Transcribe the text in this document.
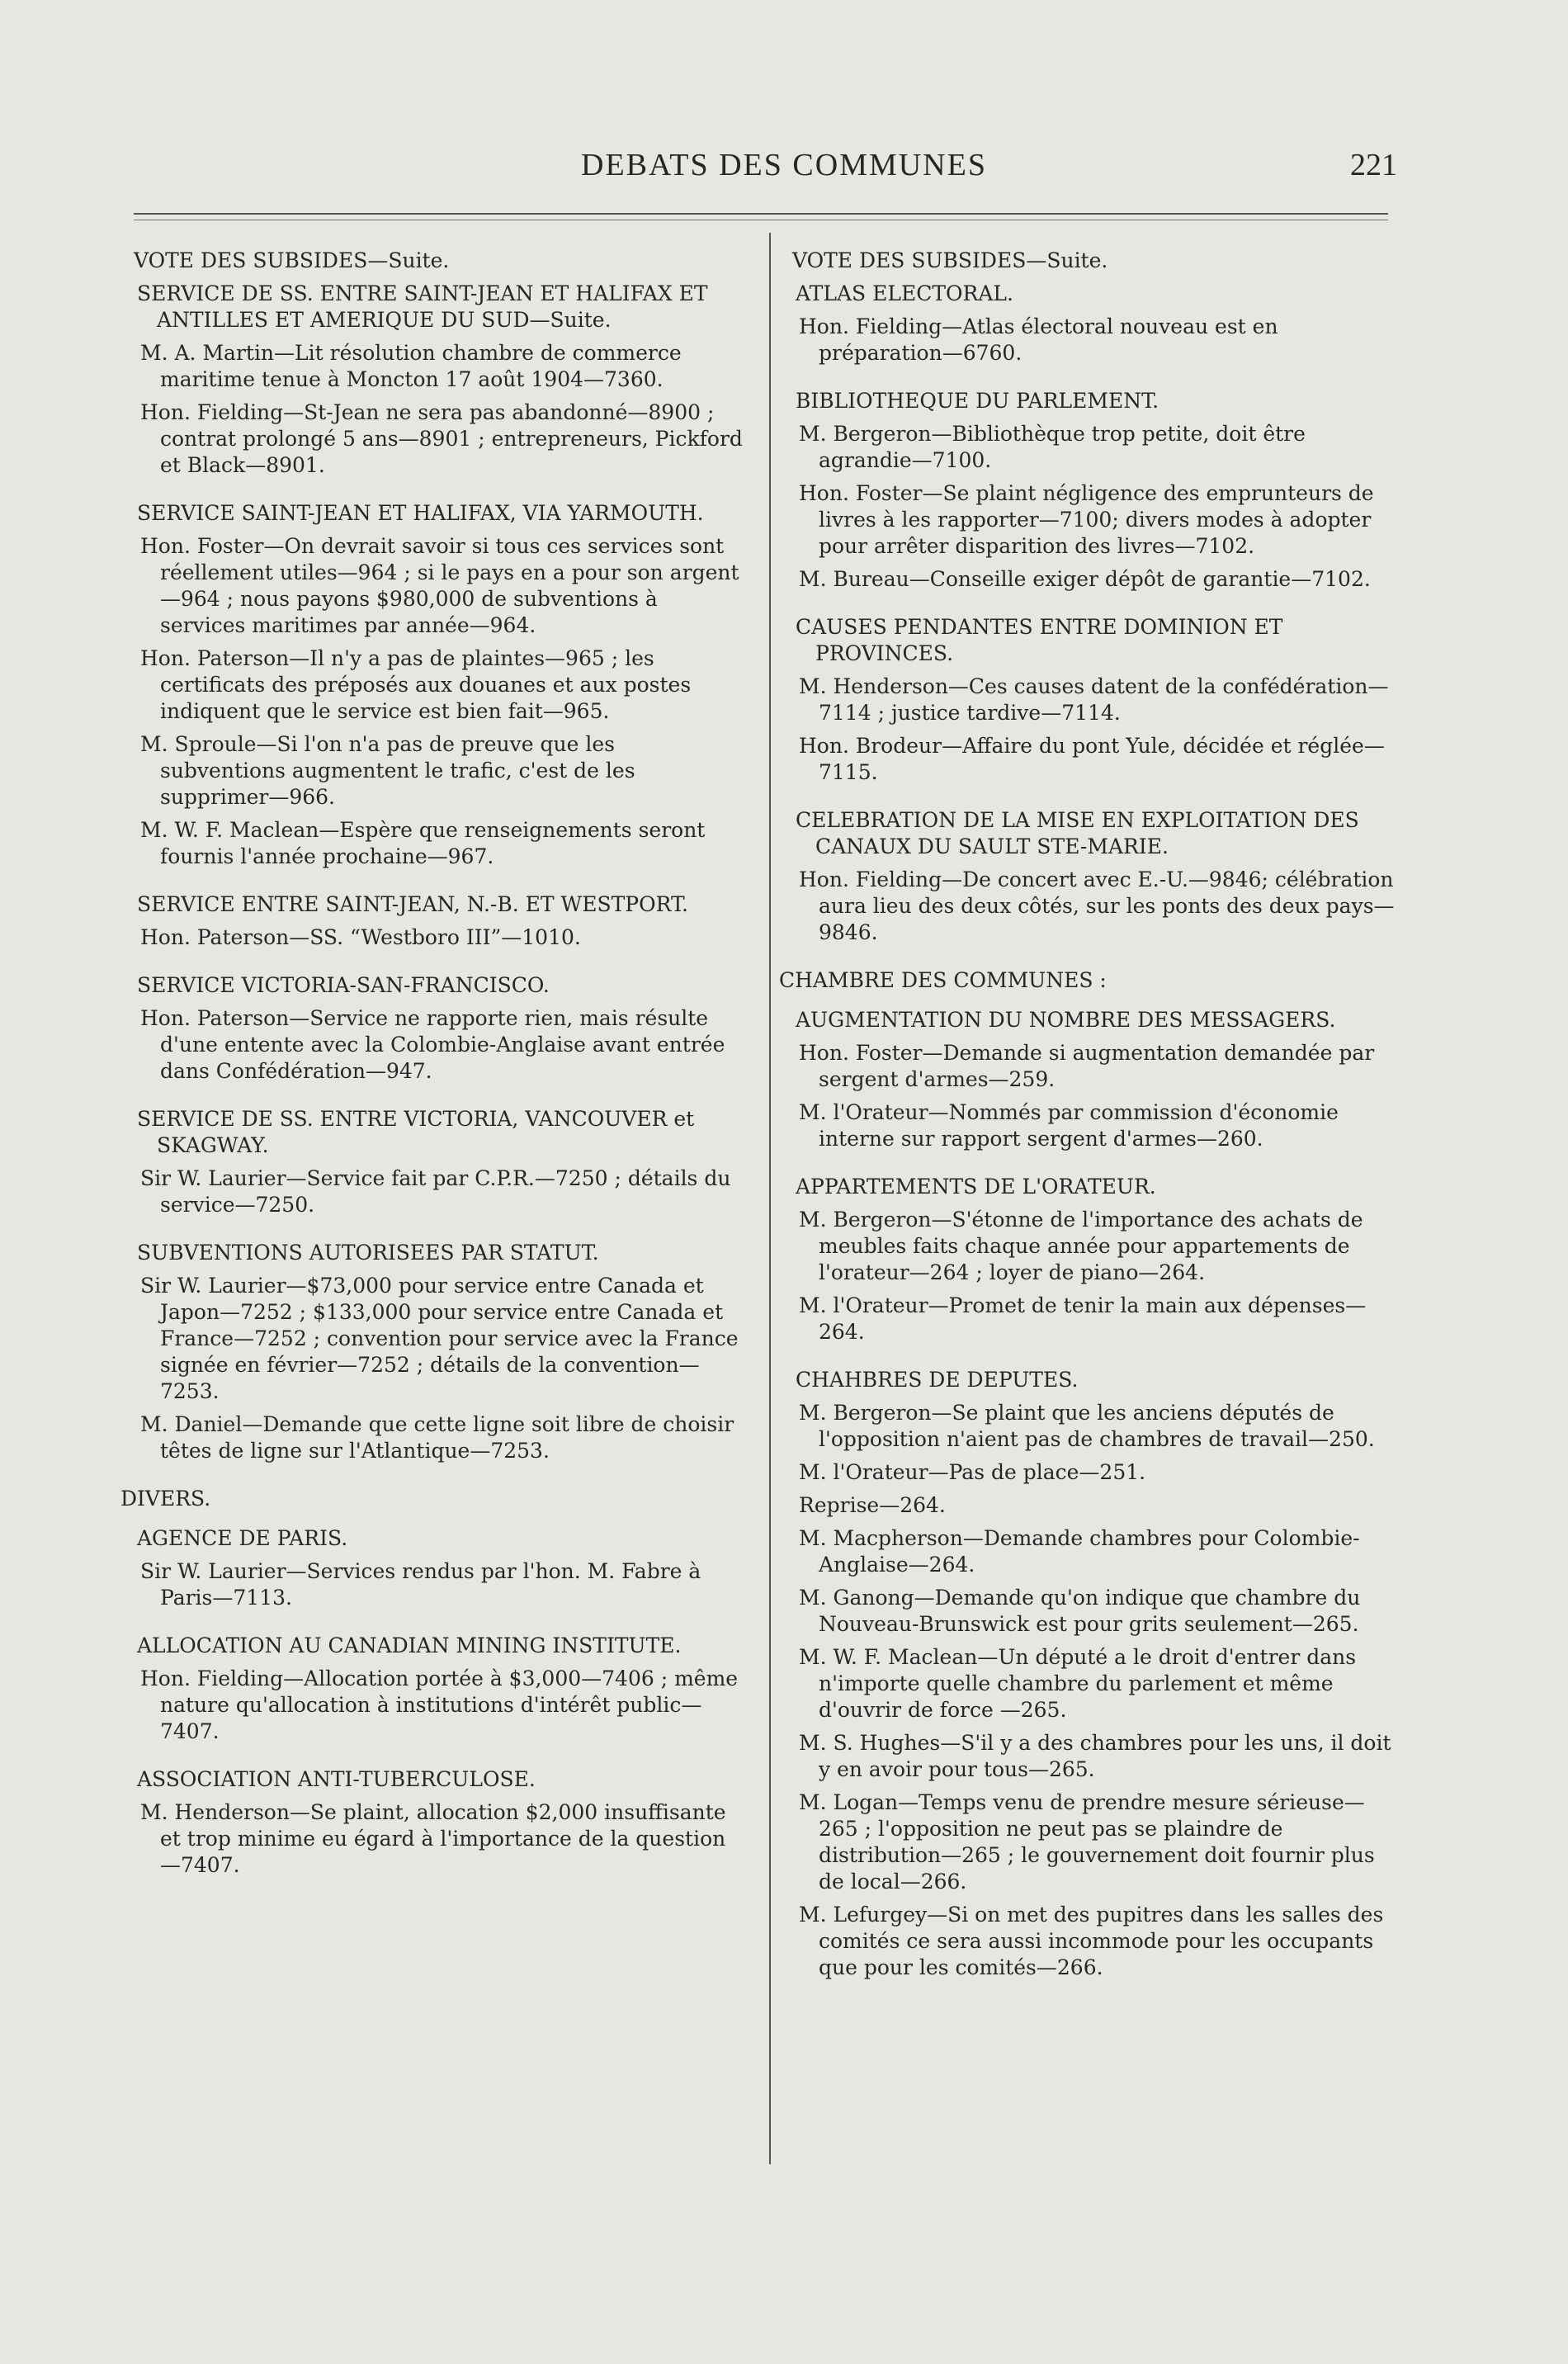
DEBATS DES COMMUNES	221

VOTE DES SUBSIDES—Suite.

SERVICE DE SS. ENTRE SAINT-JEAN ET HALIFAX ET ANTILLES ET AMERIQUE DU SUD—Suite.

M. A. Martin—Lit résolution chambre de commerce maritime tenue à Moncton 17 août 1904—7360.

Hon. Fielding—St-Jean ne sera pas abandonné—8900 ; contrat prolongé 5 ans—8901 ; entrepreneurs, Pickford et Black—8901.

SERVICE SAINT-JEAN ET HALIFAX, VIA YARMOUTH.

Hon. Foster—On devrait savoir si tous ces services sont réellement utiles—964 ; si le pays en a pour son argent—964 ; nous payons $980,000 de subventions à services maritimes par année—964.

Hon. Paterson—Il n'y a pas de plaintes—965 ; les certificats des préposés aux douanes et aux postes indiquent que le service est bien fait—965.

M. Sproule—Si l'on n'a pas de preuve que les subventions augmentent le trafic, c'est de les supprimer—966.

M. W. F. Maclean—Espère que renseignements seront fournis l'année prochaine—967.

SERVICE ENTRE SAINT-JEAN, N.-B. ET WESTPORT.

Hon. Paterson—SS. “Westboro III”—1010.

SERVICE VICTORIA-SAN-FRANCISCO.

Hon. Paterson—Service ne rapporte rien, mais résulte d'une entente avec la Colombie-Anglaise avant entrée dans Confédération—947.

SERVICE DE SS. ENTRE VICTORIA, VANCOUVER et SKAGWAY.

Sir W. Laurier—Service fait par C.P.R.—7250 ; détails du service—7250.

SUBVENTIONS AUTORISEES PAR STATUT.

Sir W. Laurier—$73,000 pour service entre Canada et Japon—7252 ; $133,000 pour service entre Canada et France—7252 ; convention pour service avec la France signée en février—7252 ; détails de la convention—7253.

M. Daniel—Demande que cette ligne soit libre de choisir têtes de ligne sur l'Atlantique—7253.

DIVERS.

AGENCE DE PARIS.

Sir W. Laurier—Services rendus par l'hon. M. Fabre à Paris—7113.

ALLOCATION AU CANADIAN MINING INSTITUTE.

Hon. Fielding—Allocation portée à $3,000—7406 ; même nature qu'allocation à institutions d'intérêt public—7407.

ASSOCIATION ANTI-TUBERCULOSE.

M. Henderson—Se plaint, allocation $2,000 insuffisante et trop minime eu égard à l'importance de la question—7407.

VOTE DES SUBSIDES—Suite.

ATLAS ELECTORAL.

Hon. Fielding—Atlas électoral nouveau est en préparation—6760.

BIBLIOTHEQUE DU PARLEMENT.

M. Bergeron—Bibliothèque trop petite, doit être agrandie—7100.

Hon. Foster—Se plaint négligence des emprunteurs de livres à les rapporter—7100; divers modes à adopter pour arrêter disparition des livres—7102.

M. Bureau—Conseille exiger dépôt de garantie—7102.

CAUSES PENDANTES ENTRE DOMINION ET PROVINCES.

M. Henderson—Ces causes datent de la confédération—7114 ; justice tardive—7114.

Hon. Brodeur—Affaire du pont Yule, décidée et réglée—7115.

CELEBRATION DE LA MISE EN EXPLOITATION DES CANAUX DU SAULT STE-MARIE.

Hon. Fielding—De concert avec E.-U.—9846; célébration aura lieu des deux côtés, sur les ponts des deux pays—9846.

CHAMBRE DES COMMUNES :

AUGMENTATION DU NOMBRE DES MESSAGERS.

Hon. Foster—Demande si augmentation demandée par sergent d'armes—259.

M. l'Orateur—Nommés par commission d'économie interne sur rapport sergent d'armes—260.

APPARTEMENTS DE L'ORATEUR.

M. Bergeron—S'étonne de l'importance des achats de meubles faits chaque année pour appartements de l'orateur—264 ; loyer de piano—264.

M. l'Orateur—Promet de tenir la main aux dépenses—264.

CHAHBRES DE DEPUTES.

M. Bergeron—Se plaint que les anciens députés de l'opposition n'aient pas de chambres de travail—250.

M. l'Orateur—Pas de place—251.

Reprise—264.

M. Macpherson—Demande chambres pour Colombie-Anglaise—264.

M. Ganong—Demande qu'on indique que chambre du Nouveau-Brunswick est pour grits seulement—265.

M. W. F. Maclean—Un député a le droit d'entrer dans n'importe quelle chambre du parlement et même d'ouvrir de force —265.

M. S. Hughes—S'il y a des chambres pour les uns, il doit y en avoir pour tous—265.

M. Logan—Temps venu de prendre mesure sérieuse—265 ; l'opposition ne peut pas se plaindre de distribution—265 ; le gouvernement doit fournir plus de local—266.

M. Lefurgey—Si on met des pupitres dans les salles des comités ce sera aussi incommode pour les occupants que pour les comités—266.
